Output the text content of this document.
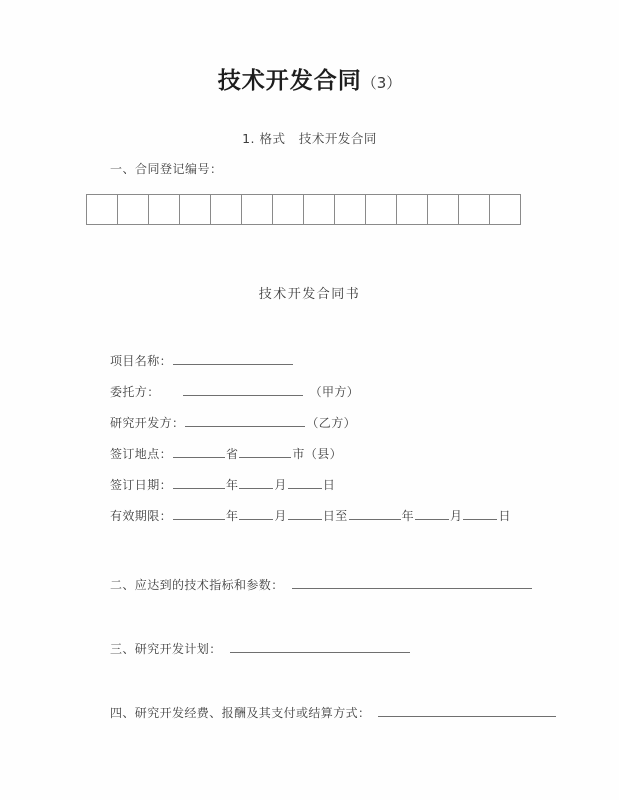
技术开发合同（3）
1. 格式   技术开发合同
一、合同登记编号：
技术开发合同书
项目名称：
委托方：	（甲方）
研究开发方：	（乙方）
签订地点：	省	市 （县）
签订日期：	年	月	日
有效期限：	年	月	日至	年	月	日
二、应达到的技术指标和参数：
三、研究开发计划：
四、研究开发经费、报酬及其支付或结算方式：
